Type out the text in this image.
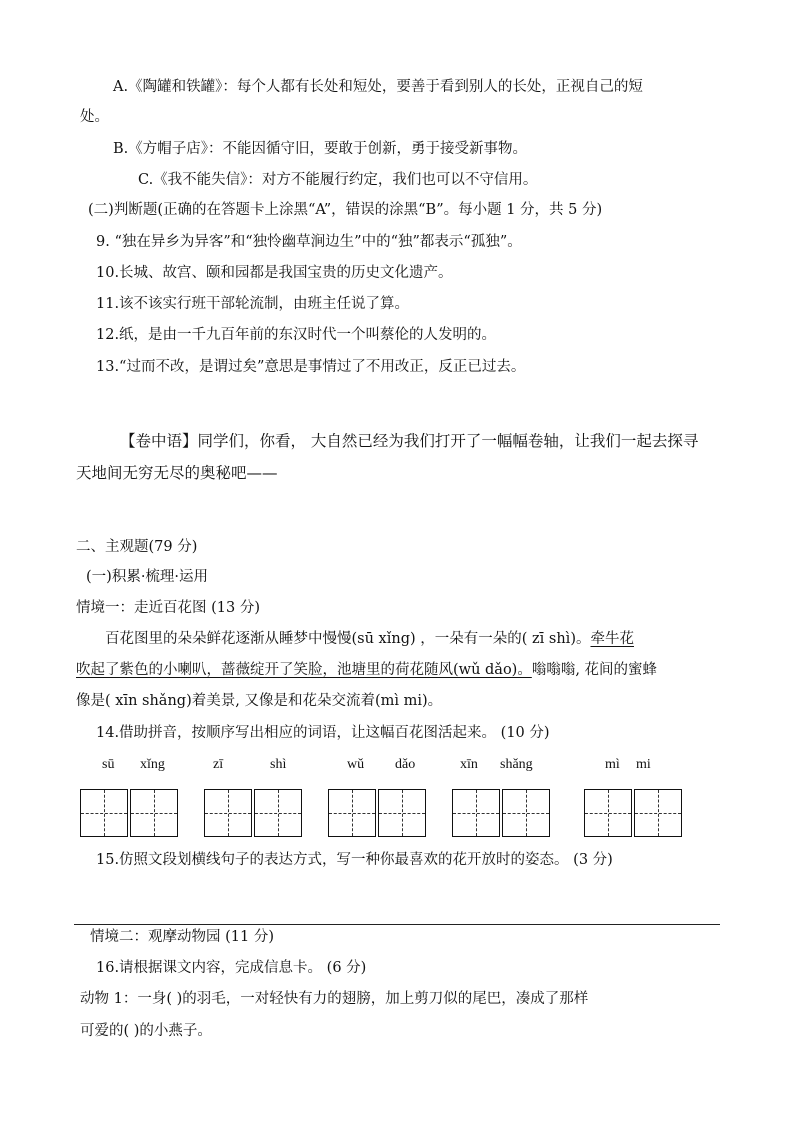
A.《陶罐和铁罐》：每个人都有长处和短处，要善于看到别人的长处，正视自己的短
处。
B.《方帽子店》：不能因循守旧，要敢于创新，勇于接受新事物。
C.《我不能失信》：对方不能履行约定，我们也可以不守信用。
(二)判断题(正确的在答题卡上涂黑“A”，错误的涂黑“B”。每小题 1 分，共 5 分)
9. “独在异乡为异客”和“独怜幽草涧边生”中的“独”都表示“孤独”。
10.长城、故宫、颐和园都是我国宝贵的历史文化遗产。
11.该不该实行班干部轮流制，由班主任说了算。
12.纸，是由一千九百年前的东汉时代一个叫蔡伦的人发明的。
13.“过而不改，是谓过矣”意思是事情过了不用改正，反正已过去。
【卷中语】同学们，你看， 大自然已经为我们打开了一幅幅卷轴，让我们一起去探寻
天地间无穷无尽的奥秘吧——
二、主观题(79 分)
(一)积累·梳理·运用
情境一：走近百花图 (13 分)
百花图里的朵朵鲜花逐渐从睡梦中慢慢(sū xǐng) ，一朵有一朵的( zī shì)。牵牛花
吹起了紫色的小喇叭，蔷薇绽开了笑脸，池塘里的荷花随风(wǔ dǎo)。嗡嗡嗡, 花间的蜜蜂
像是( xīn shǎng)着美景, 又像是和花朵交流着(mì mi)。
14.借助拼音，按顺序写出相应的词语，让这幅百花图活起来。 (10 分)
sū xǐng	zī	shì	wǔ dǎo	xīn shǎng	mì mi
15.仿照文段划横线句子的表达方式，写一种你最喜欢的花开放时的姿态。 (3 分)
情境二：观摩动物园 (11 分)
16.请根据课文内容，完成信息卡。 (6 分)
动物 1：一身( )的羽毛，一对轻快有力的翅膀，加上剪刀似的尾巴，凑成了那样
可爱的( )的小燕子。
